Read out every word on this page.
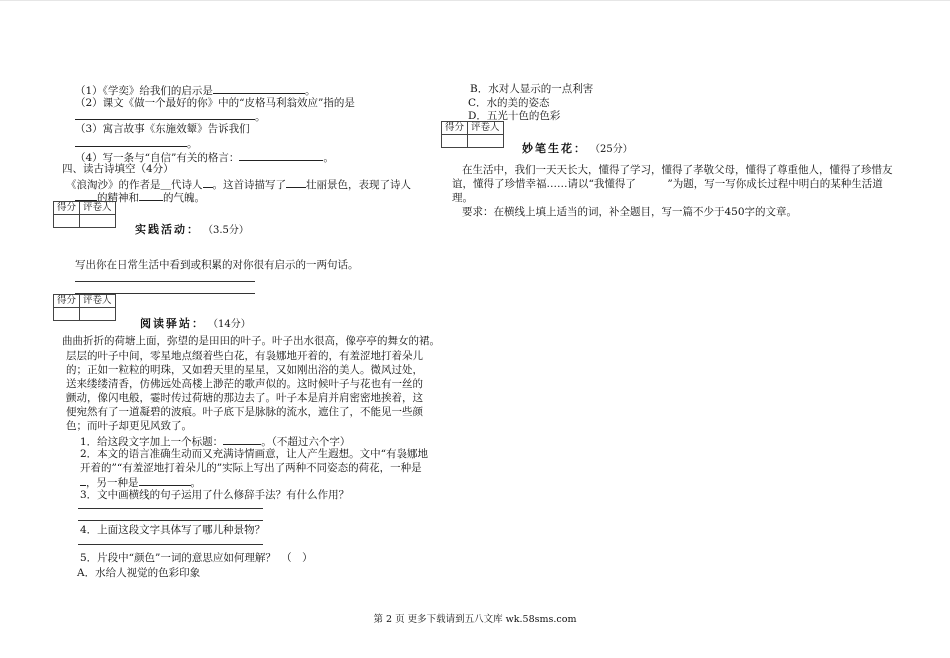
（1）《学奕》给我们的启示是	。
（2）课文《做一个最好的你》中的“皮格马利翁效应”指的是
。
（3）寓言故事《东施效颦》告诉我们
。
（4）写一条与“自信”有关的格言：	。
四、读古诗填空（4分）
《浪淘沙》的作者是＿代诗人 。这首诗描写了 壮丽景色，表现了诗人
的精神和 的气魄。
得分	评卷人

实践活动： （3.5分）
写出你在日常生活中看到或积累的对你很有启示的一两句话。
得分	评卷人

阅读驿站： （14分）
曲曲折折的荷塘上面，弥望的是田田的叶子。叶子出水很高，像亭亭的舞女的裙。
层层的叶子中间，零星地点缀着些白花，有袅娜地开着的，有羞涩地打着朵儿
的；正如一粒粒的明珠，又如碧天里的星星，又如刚出浴的美人。微风过处，
送来缕缕清香，仿佛远处高楼上渺茫的歌声似的。这时候叶子与花也有一丝的
颤动，像闪电般，霎时传过荷塘的那边去了。叶子本是肩并肩密密地挨着，这
便宛然有了一道凝碧的波痕。叶子底下是脉脉的流水，遮住了，不能见一些颜
色；而叶子却更见风致了。
1．给这段文字加上一个标题：	。（不超过六个字）
2．本文的语言准确生动而又充满诗情画意，让人产生遐想。文中“有袅娜地
开着的”“有羞涩地打着朵儿的”实际上写出了两种不同姿态的荷花，一种是
，另一种是	。
3．文中画横线的句子运用了什么修辞手法？有什么作用？
4．上面这段文字具体写了哪儿种景物？
5．片段中“颜色”一词的意思应如何理解？　（　）
A．水给人视觉的色彩印象
B．水对人显示的一点利害
C．水的美的姿态
D．五光十色的色彩
得分	评卷人

妙笔生花： （25分）
在生活中，我们一天天长大，懂得了学习，懂得了孝敬父母，懂得了尊重他人，懂得了珍惜友
谊，懂得了珍惜幸福……请以“我懂得了　　　”为题，写一写你成长过程中明白的某种生活道
理。
要求：在横线上填上适当的词，补全题目，写一篇不少于450字的文章。
第 2 页 更多下载请到五八文库 wk.58sms.com
